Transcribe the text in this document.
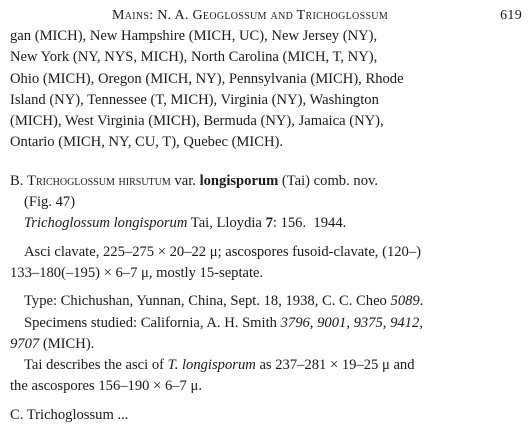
Mains: N. A. Geoglossum and Trichoglossum	619
gan (MICH), New Hampshire (MICH, UC), New Jersey (NY),
New York (NY, NYS, MICH), North Carolina (MICH, T, NY),
Ohio (MICH), Oregon (MICH, NY), Pennsylvania (MICH), Rhode
Island (NY), Tennessee (T, MICH), Virginia (NY), Washington
(MICH), West Virginia (MICH), Bermuda (NY), Jamaica (NY),
Ontario (MICH, NY, CU, T), Quebec (MICH).
B. Trichoglossum hirsutum var. longisporum (Tai) comb. nov.
(Fig. 47)
Trichoglossum longisporum Tai, Lloydia 7: 156. 1944.
Asci clavate, 225–275 × 20–22 μ; ascospores fusoid-clavate, (120–)
133–180(–195) × 6–7 μ, mostly 15-septate.
Type: Chichushan, Yunnan, China, Sept. 18, 1938, C. C. Cheo 5089.
Specimens studied: California, A. H. Smith 3796, 9001, 9375, 9412,
9707 (MICH).
Tai describes the asci of T. longisporum as 237–281 × 19–25 μ and
the ascospores 156–190 × 6–7 μ.
C. Trichoglossum ...
